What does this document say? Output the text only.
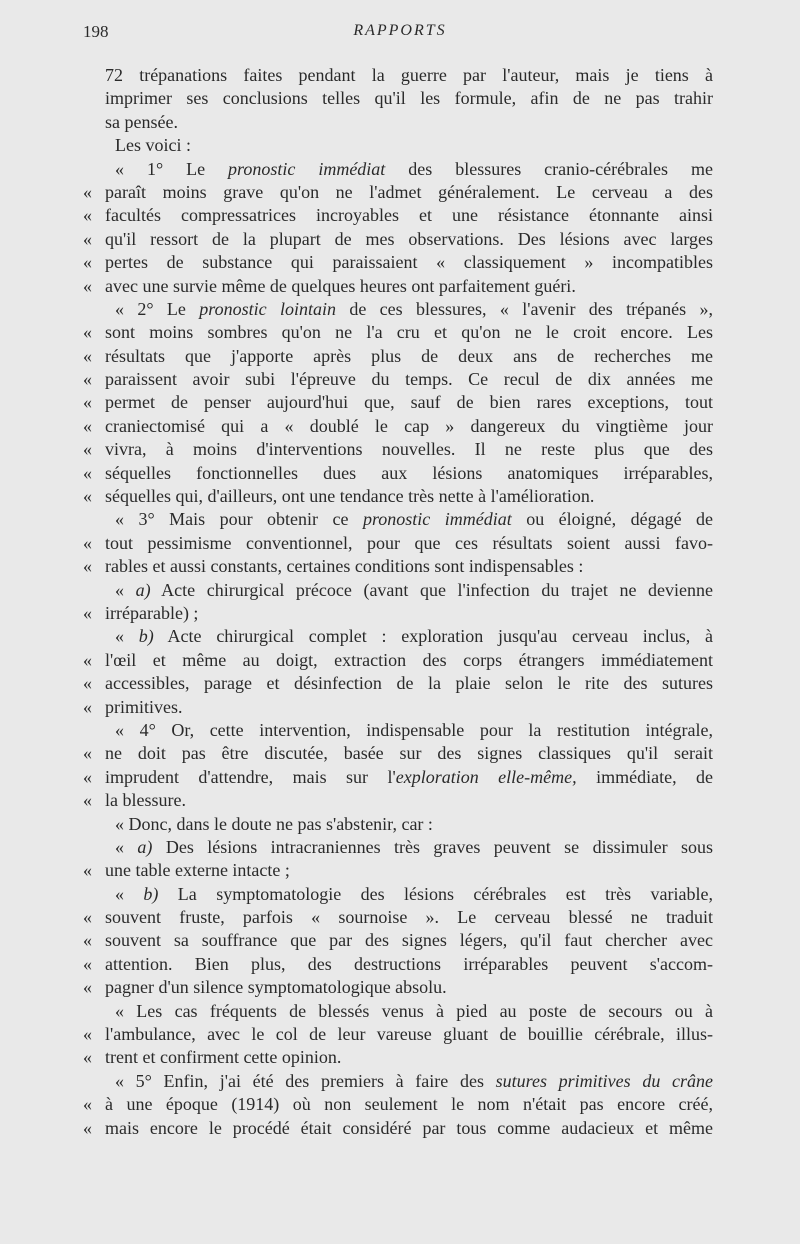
198	RAPPORTS
72 trépanations faites pendant la guerre par l'auteur, mais je tiens à
imprimer ses conclusions telles qu'il les formule, afin de ne pas trahir
sa pensée.
Les voici :
« 1° Le pronostic immédiat des blessures cranio-cérébrales me
« paraît moins grave qu'on ne l'admet généralement. Le cerveau a des
« facultés compressatrices incroyables et une résistance étonnante ainsi
« qu'il ressort de la plupart de mes observations. Des lésions avec larges
« pertes de substance qui paraissaient « classiquement » incompatibles
« avec une survie même de quelques heures ont parfaitement guéri.
« 2° Le pronostic lointain de ces blessures, « l'avenir des trépanés »,
« sont moins sombres qu'on ne l'a cru et qu'on ne le croit encore. Les
« résultats que j'apporte après plus de deux ans de recherches me
« paraissent avoir subi l'épreuve du temps. Ce recul de dix années me
« permet de penser aujourd'hui que, sauf de bien rares exceptions, tout
« craniectomisé qui a « doublé le cap » dangereux du vingtième jour
« vivra, à moins d'interventions nouvelles. Il ne reste plus que des
« séquelles fonctionnelles dues aux lésions anatomiques irréparables,
« séquelles qui, d'ailleurs, ont une tendance très nette à l'amélioration.
« 3° Mais pour obtenir ce pronostic immédiat ou éloigné, dégagé de
« tout pessimisme conventionnel, pour que ces résultats soient aussi favo-
« rables et aussi constants, certaines conditions sont indispensables :
« a) Acte chirurgical précoce (avant que l'infection du trajet ne devienne
« irréparable) ;
« b) Acte chirurgical complet : exploration jusqu'au cerveau inclus, à
« l'œil et même au doigt, extraction des corps étrangers immédiatement
« accessibles, parage et désinfection de la plaie selon le rite des sutures
« primitives.
« 4° Or, cette intervention, indispensable pour la restitution intégrale,
« ne doit pas être discutée, basée sur des signes classiques qu'il serait
« imprudent d'attendre, mais sur l'exploration elle-même, immédiate, de
« la blessure.
« Donc, dans le doute ne pas s'abstenir, car :
« a) Des lésions intracraniennes très graves peuvent se dissimuler sous
« une table externe intacte ;
« b) La symptomatologie des lésions cérébrales est très variable,
« souvent fruste, parfois « sournoise ». Le cerveau blessé ne traduit
« souvent sa souffrance que par des signes légers, qu'il faut chercher avec
« attention. Bien plus, des destructions irréparables peuvent s'accom-
« pagner d'un silence symptomatologique absolu.
« Les cas fréquents de blessés venus à pied au poste de secours ou à
« l'ambulance, avec le col de leur vareuse gluant de bouillie cérébrale, illus-
« trent et confirment cette opinion.
« 5° Enfin, j'ai été des premiers à faire des sutures primitives du crâne
« à une époque (1914) où non seulement le nom n'était pas encore créé,
« mais encore le procédé était considéré par tous comme audacieux et même
